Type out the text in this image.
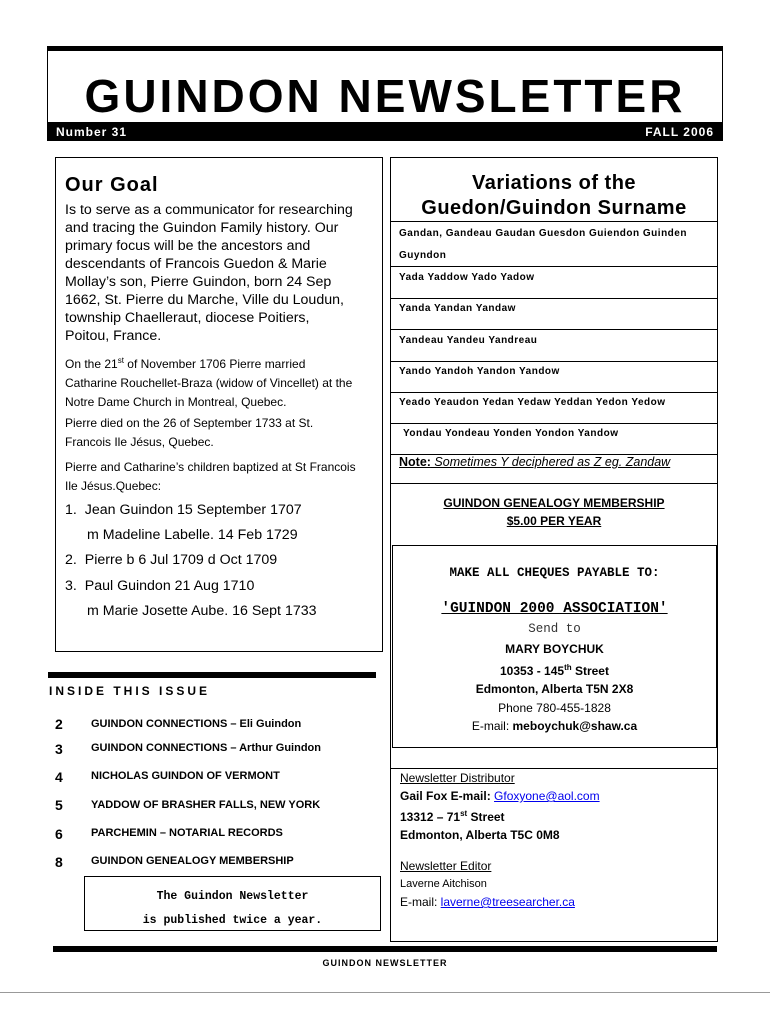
GUINDON NEWSLETTER
Number 31	FALL 2006
Our Goal
Is to serve as a communicator for researching
and tracing the Guindon Family history. Our
primary focus will be the ancestors and
descendants of Francois Guedon & Marie
Mollay’s son, Pierre Guindon, born 24 Sep
1662, St. Pierre du Marche, Ville du Loudun,
township Chaelleraut, diocese Poitiers,
Poitou, France.
On the 21st of November 1706 Pierre married
Catharine Rouchellet-Braza (widow of Vincellet) at the
Notre Dame Church in Montreal, Quebec.
Pierre died on the 26 of September 1733 at St.
Francois Ile Jésus, Quebec.
Pierre and Catharine’s children baptized at St Francois
Ile Jésus.Quebec:
1. Jean Guindon 15 September 1707
m Madeline Labelle. 14 Feb 1729
2. Pierre b 6 Jul 1709 d Oct 1709
3. Paul Guindon 21 Aug 1710
m Marie Josette Aube. 16 Sept 1733
Variations of the
Guedon/Guindon Surname
Gandan, Gandeau Gaudan Guesdon Guiendon Guinden
Guyndon
Yada Yaddow Yado Yadow
Yanda Yandan Yandaw
Yandeau Yandeu Yandreau
Yando Yandoh Yandon Yandow
Yeado Yeaudon Yedan Yedaw Yeddan Yedon Yedow
Yondau Yondeau Yonden Yondon Yandow
Note: Sometimes Y deciphered as Z eg. Zandaw
GUINDON GENEALOGY MEMBERSHIP
$5.00 PER YEAR
Newsletter Distributor
Gail Fox E-mail: Gfoxyone@aol.com
13312 – 71st Street
Edmonton, Alberta T5C 0M8
Newsletter Editor
Laverne Aitchison
E-mail: laverne@treesearcher.ca
MAKE ALL CHEQUES PAYABLE TO:
'GUINDON 2000 ASSOCIATION'
Send to
MARY BOYCHUK
10353 - 145th Street
Edmonton, Alberta T5N 2X8
Phone 780-455-1828
E-mail: meboychuk@shaw.ca
INSIDE THIS ISSUE
2	GUINDON CONNECTIONS – Eli Guindon
3	GUINDON CONNECTIONS – Arthur Guindon
4	NICHOLAS GUINDON OF VERMONT
5	YADDOW OF BRASHER FALLS, NEW YORK
6	PARCHEMIN – NOTARIAL RECORDS
8	GUINDON GENEALOGY MEMBERSHIP
The Guindon Newsletter
is published twice a year.
GUINDON NEWSLETTER
